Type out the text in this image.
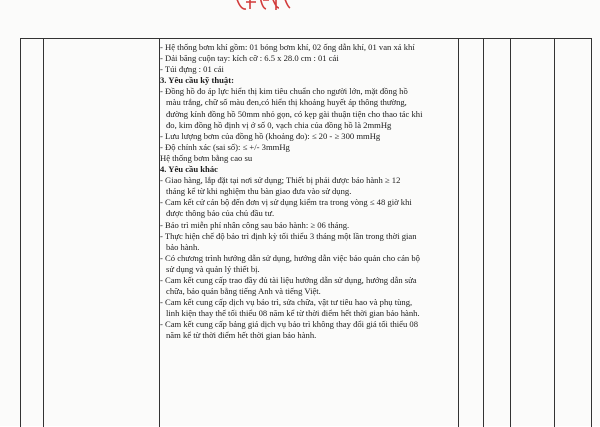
- Hệ thống bơm khí gồm: 01 bóng bơm khí, 02 ống dẫn khí, 01 van xả khí
- Dải băng cuộn tay: kích cỡ : 6.5 x 28.0 cm : 01 cái
- Túi đựng : 01 cái
3. Yêu cầu kỹ thuật:
- Đồng hồ đo áp lực hiển thị kim tiêu chuẩn cho người lớn, mặt đồng hồ
màu trắng, chữ số màu đen,có hiển thị khoảng huyết áp thông thường,
đường kính đồng hồ 50mm nhỏ gọn, có kẹp gài thuận tiện cho thao tác khi
đo, kim đồng hồ định vị ở số 0, vạch chia của đồng hồ là 2mmHg
- Lưu lượng bơm của đồng hồ (khoảng đo): ≤ 20 - ≥ 300 mmHg
- Độ chính xác (sai số): ≤ +/- 3mmHg
Hệ thống bơm bằng cao su
4. Yêu cầu khác
- Giao hàng, lắp đặt tại nơi sử dụng; Thiết bị phải được bảo hành ≥ 12
tháng kể từ khi nghiệm thu bàn giao đưa vào sử dụng.
- Cam kết cử cán bộ đến đơn vị sử dụng kiểm tra trong vòng ≤ 48 giờ khi
được thông báo của chủ đầu tư.
- Bảo trì miễn phí nhân công sau bảo hành: ≥ 06 tháng.
- Thực hiện chế độ bảo trì định kỳ tối thiểu 3 tháng một lần trong thời gian
bảo hành.
- Có chương trình hướng dẫn sử dụng, hướng dẫn việc bảo quản cho cán bộ
sử dụng và quản lý thiết bị.
- Cam kết cung cấp trao đầy đủ tài liệu hướng dẫn sử dụng, hướng dẫn sửa
chữa, bảo quản bằng tiếng Anh và tiếng Việt.
- Cam kết cung cấp dịch vụ bảo trì, sửa chữa, vật tư tiêu hao và phụ tùng,
linh kiện thay thế tối thiểu 08 năm kể từ thời điểm hết thời gian bảo hành.
- Cam kết cung cấp bảng giá dịch vụ bảo trì không thay đổi giá tối thiểu 08
năm kể từ thời điểm hết thời gian bảo hành.
